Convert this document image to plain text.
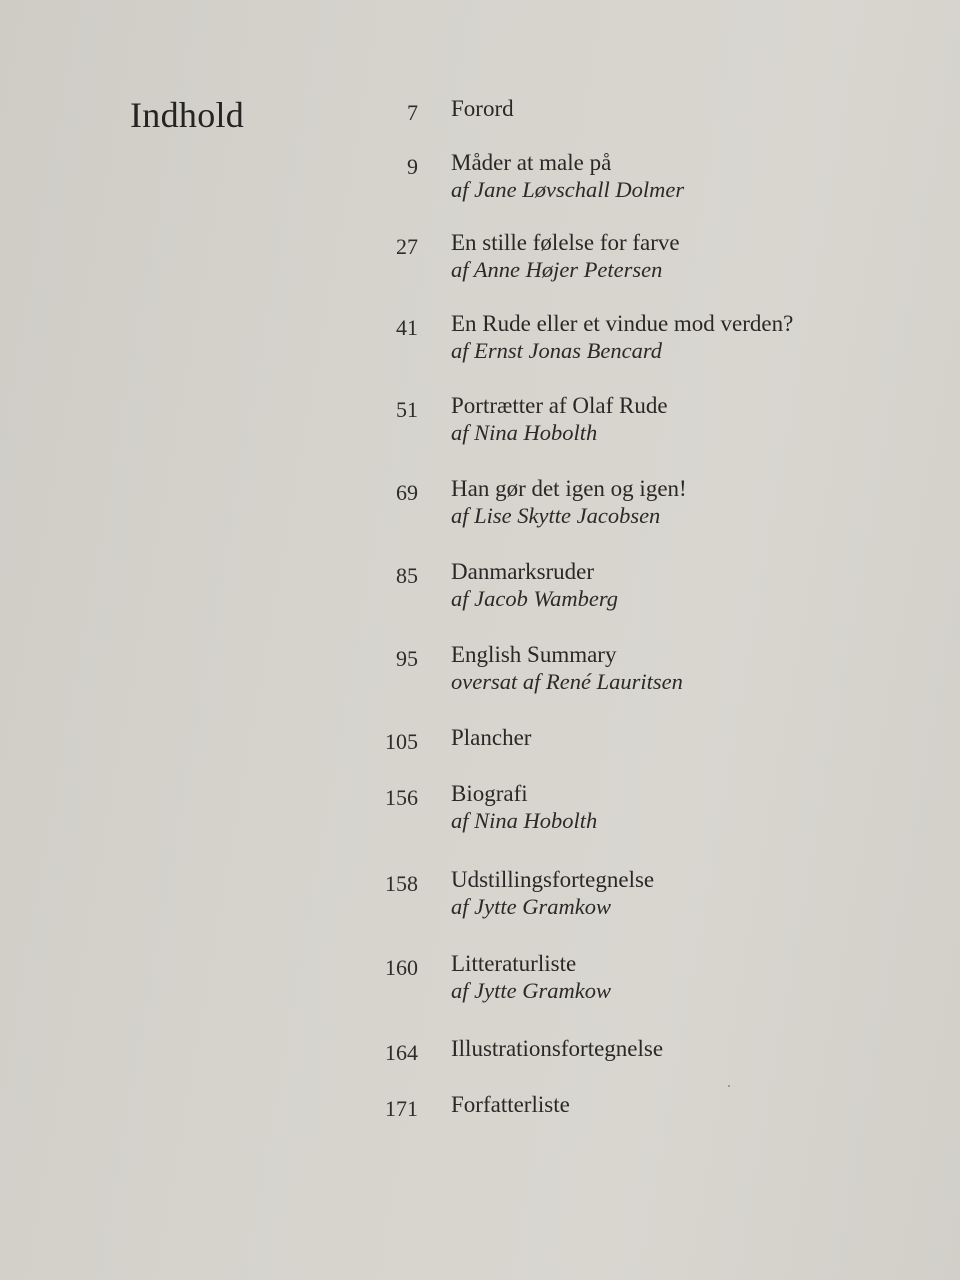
Indhold	7 Forord
9 Måder at male på
af Jane Løvschall Dolmer
27 En stille følelse for farve
af Anne Højer Petersen
41 En Rude eller et vindue mod verden?
af Ernst Jonas Bencard
51 Portrætter af Olaf Rude
af Nina Hobolth
69 Han gør det igen og igen!
af Lise Skytte Jacobsen
85 Danmarksruder
af Jacob Wamberg
95 English Summary
oversat af René Lauritsen
105 Plancher
156 Biografi
af Nina Hobolth
158 Udstillingsfortegnelse
af Jytte Gramkow
160 Litteraturliste
af Jytte Gramkow
164 Illustrationsfortegnelse
171 Forfatterliste
